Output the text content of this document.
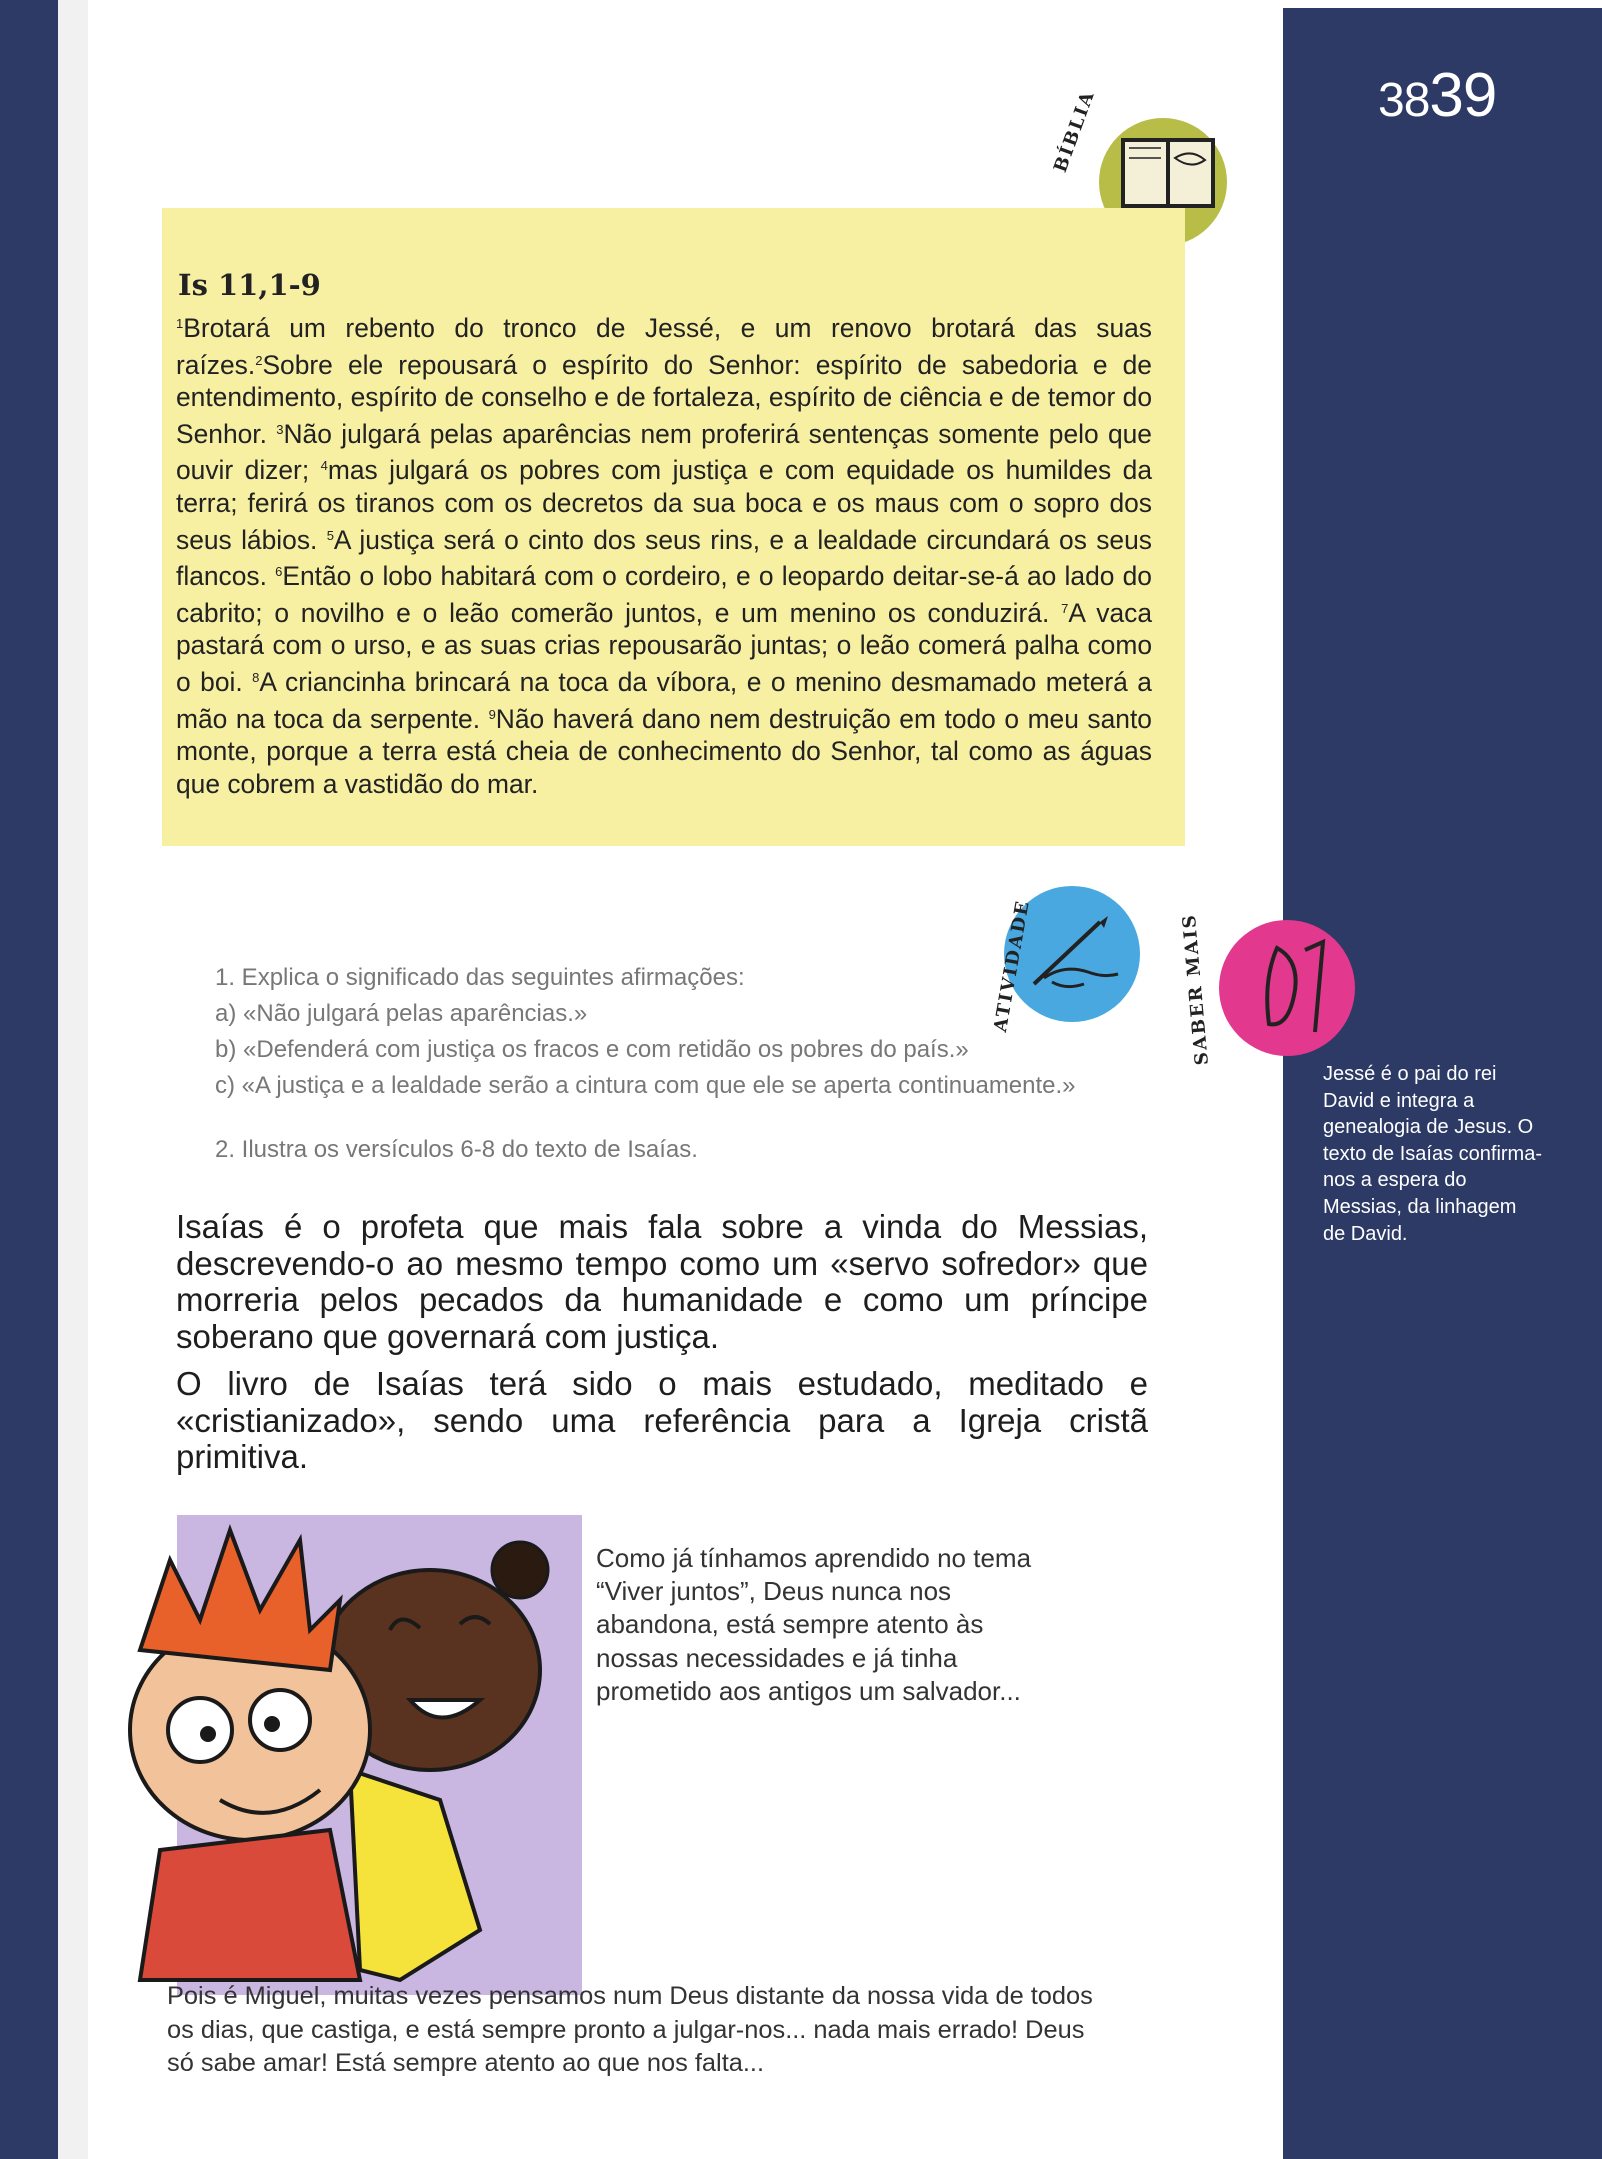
3839
BÍBLIA
Is 11,1-9
$^1$Brotará um rebento do tronco de Jessé, e um renovo brotará das suas raízes.$^2$Sobre ele repousará o espírito do Senhor: espírito de sabedoria e de entendimento, espírito de conselho e de fortaleza, espírito de ciência e de temor do Senhor. $^3$Não julgará pelas aparências nem proferirá sentenças somente pelo que ouvir dizer; $^4$mas julgará os pobres com justiça e com equidade os humildes da terra; ferirá os tiranos com os decretos da sua boca e os maus com o sopro dos seus lábios. $^5$A justiça será o cinto dos seus rins, e a lealdade circundará os seus flancos. $^6$Então o lobo habitará com o cordeiro, e o leopardo deitar-se-á ao lado do cabrito; o novilho e o leão comerão juntos, e um menino os conduzirá. $^7$A vaca pastará com o urso, e as suas crias repousarão juntas; o leão comerá palha como o boi. $^8$A criancinha brincará na toca da víbora, e o menino desmamado meterá a mão na toca da serpente. $^9$Não haverá dano nem destruição em todo o meu santo monte, porque a terra está cheia de conhecimento do Senhor, tal como as águas que cobrem a vastidão do mar.
ATIVIDADE	SABER MAIS

1. Explica o significado das seguintes afirmações:

a) «Não julgará pelas aparências.»

b) «Defenderá com justiça os fracos e com retidão os pobres do país.»

c) «A justiça e a lealdade serão a cintura com que ele se aperta continuamente.»

2. Ilustra os versículos 6-8 do texto de Isaías.

Jessé é o pai do rei David e integra a genealogia de Jesus. O texto de Isaías confirma-nos a espera do Messias, da linhagem de David.

Isaías é o profeta que mais fala sobre a vinda do Messias, descrevendo-o ao mesmo tempo como um «servo sofredor» que morreria pelos pecados da humanidade e como um príncipe soberano que governará com justiça.

O livro de Isaías terá sido o mais estudado, meditado e «cristianizado», sendo uma referência para a Igreja cristã primitiva.

Como já tínhamos aprendido no tema “Viver juntos”, Deus nunca nos abandona, está sempre atento às nossas necessidades e já tinha prometido aos antigos um salvador...
Pois é Miguel, muitas vezes pensamos num Deus distante da nossa vida de todos os dias, que castiga, e está sempre pronto a julgar-nos... nada mais errado! Deus só sabe amar! Está sempre atento ao que nos falta...
